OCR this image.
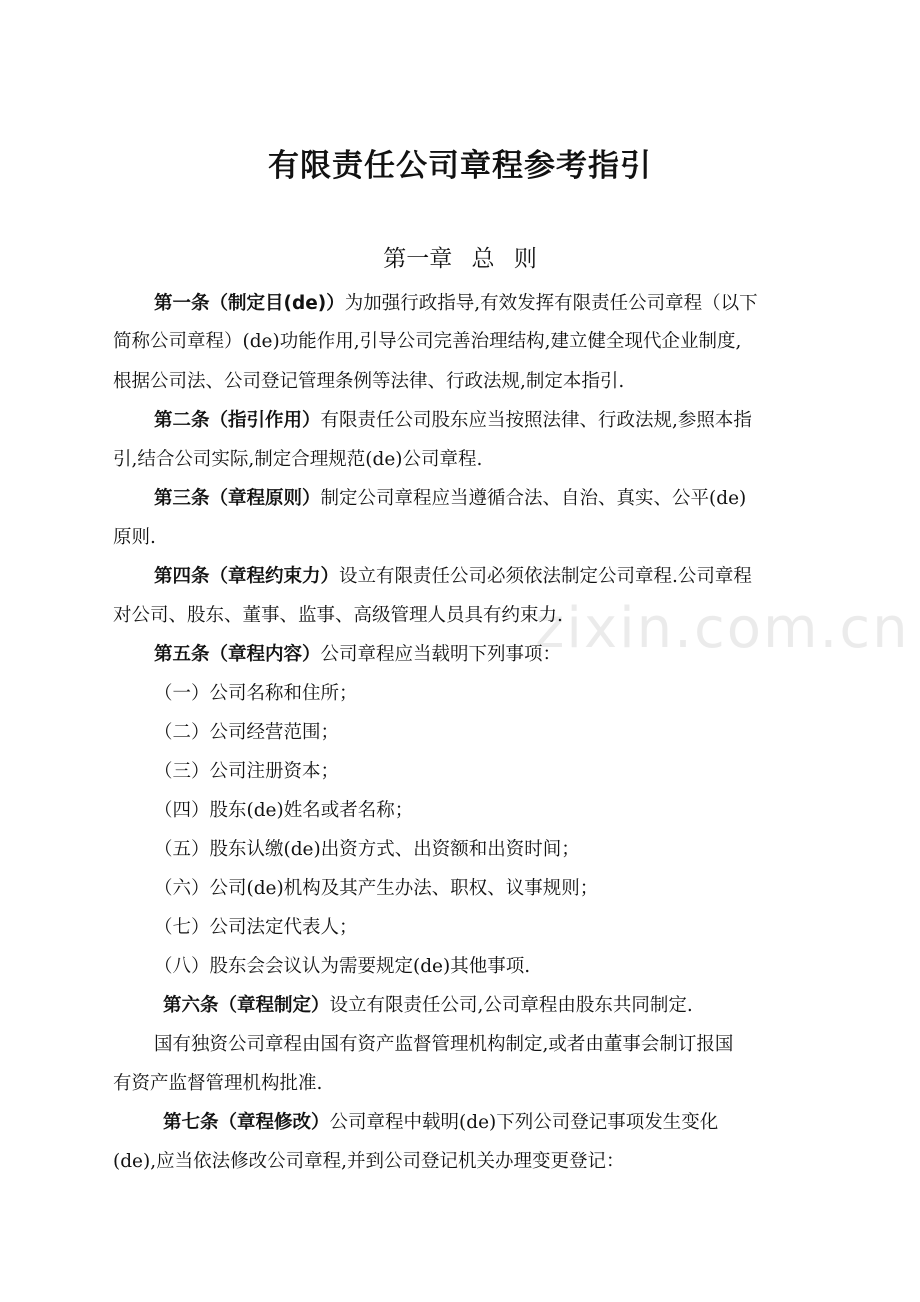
有限责任公司章程参考指引
第一章 总 则
第一条（制定目(de)）为加强行政指导,有效发挥有限责任公司章程（以下
简称公司章程）(de)功能作用,引导公司完善治理结构,建立健全现代企业制度,
根据公司法、公司登记管理条例等法律、行政法规,制定本指引.
第二条（指引作用）有限责任公司股东应当按照法律、行政法规,参照本指
引,结合公司实际,制定合理规范(de)公司章程.
第三条（章程原则）制定公司章程应当遵循合法、自治、真实、公平(de)
原则.
第四条（章程约束力）设立有限责任公司必须依法制定公司章程.公司章程
对公司、股东、董事、监事、高级管理人员具有约束力.
第五条（章程内容）公司章程应当载明下列事项：
（一）公司名称和住所；
（二）公司经营范围；
（三）公司注册资本；
（四）股东(de)姓名或者名称；
（五）股东认缴(de)出资方式、出资额和出资时间；
（六）公司(de)机构及其产生办法、职权、议事规则；
（七）公司法定代表人；
（八）股东会会议认为需要规定(de)其他事项.
第六条（章程制定）设立有限责任公司,公司章程由股东共同制定.
国有独资公司章程由国有资产监督管理机构制定,或者由董事会制订报国
有资产监督管理机构批准.
第七条（章程修改）公司章程中载明(de)下列公司登记事项发生变化
(de),应当依法修改公司章程,并到公司登记机关办理变更登记：
zixin.com.cn
